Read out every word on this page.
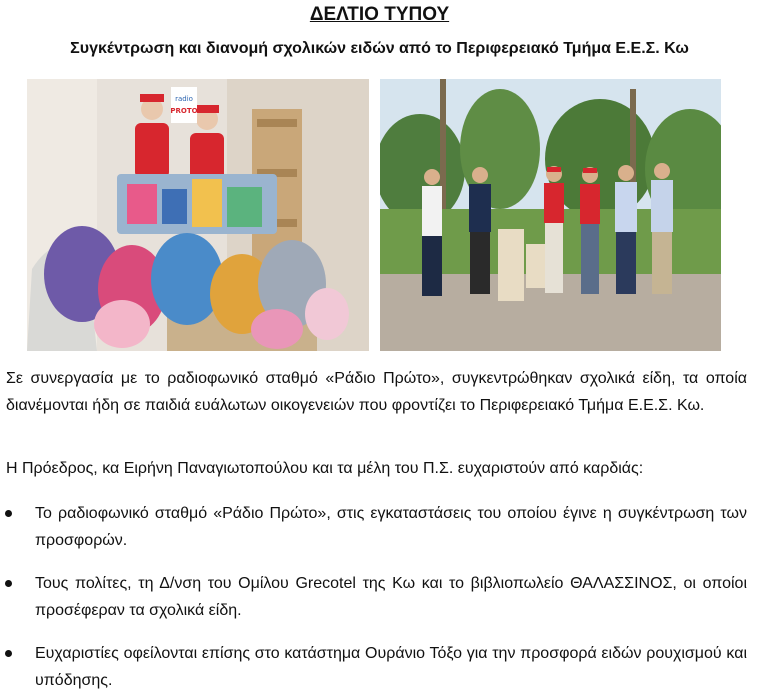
ΔΕΛΤΙΟ ΤΥΠΟΥ
Συγκέντρωση και διανομή σχολικών ειδών από το Περιφερειακό Τμήμα Ε.Ε.Σ. Κω
radio
PROTO

Σε συνεργασία με το ραδιοφωνικό σταθμό «Ράδιο Πρώτο», συγκεντρώθηκαν σχολικά είδη, τα οποία διανέμονται ήδη σε παιδιά ευάλωτων οικογενειών που φροντίζει το Περιφερειακό Τμήμα Ε.Ε.Σ. Κω.

Η Πρόεδρος, κα Ειρήνη Παναγιωτοπούλου και τα μέλη του Π.Σ. ευχαριστούν από καρδιάς:

Το ραδιοφωνικό σταθμό «Ράδιο Πρώτο», στις εγκαταστάσεις του οποίου έγινε η συγκέντρωση των προσφορών.
Τους πολίτες, τη Δ/νση του Ομίλου Grecotel της Κω και το βιβλιοπωλείο ΘΑΛΑΣΣΙΝΟΣ, οι οποίοι προσέφεραν τα σχολικά είδη.
Ευχαριστίες οφείλονται επίσης στο κατάστημα Ουράνιο Τόξο για την προσφορά ειδών ρουχισμού και υπόδησης.
